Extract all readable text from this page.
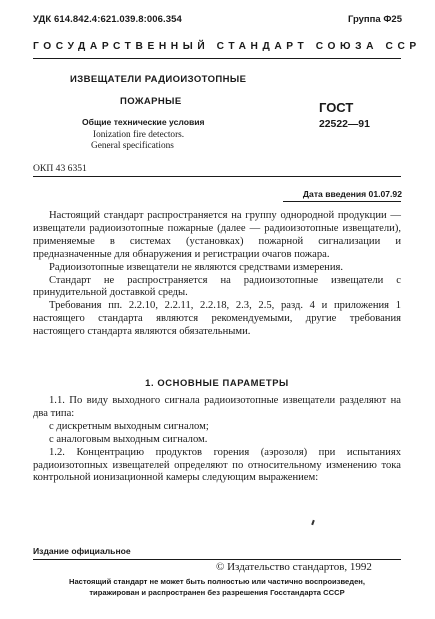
УДК 614.842.4:621.039.8:006.354	Группа Ф25
ГОСУДАРСТВЕННЫЙ СТАНДАРТ СОЮЗА ССР
ИЗВЕЩАТЕЛИ РАДИОИЗОТОПНЫЕ
ПОЖАРНЫЕ
Общие технические условия
Ionization fire detectors.
General specifications
ГОСТ
22522—91
ОКП 43 6351
Дата введения 01.07.92

Настоящий стандарт распространяется на группу однородной продукции — извещатели радиоизотопные пожарные (далее — радиоизотопные извещатели), применяемые в системах (установках) пожарной сигнализации и предназначенные для обнаружения и регистрации очагов пожара.

Радиоизотопные извещатели не являются средствами измерения.

Стандарт не распространяется на радиоизотопные извещатели с принудительной доставкой среды.

Требования пп. 2.2.10, 2.2.11, 2.2.18, 2.3, 2.5, разд. 4 и приложения 1 настоящего стандарта являются рекомендуемыми, другие требования настоящего стандарта являются обязательными.

1. ОСНОВНЫЕ ПАРАМЕТРЫ

1.1. По виду выходного сигнала радиоизотопные извещатели разделяют на два типа:

с дискретным выходным сигналом;

с аналоговым выходным сигналом.

1.2. Концентрацию продуктов горения (аэрозоля) при испытаниях радиоизотопных извещателей определяют по относительному изменению тока контрольной ионизационной камеры следующим выражением:

Издание официальное
© Издательство стандартов, 1992
Настоящий стандарт не может быть полностью или частично воспроизведен,
тиражирован и распространен без разрешения Госстандарта СССР
